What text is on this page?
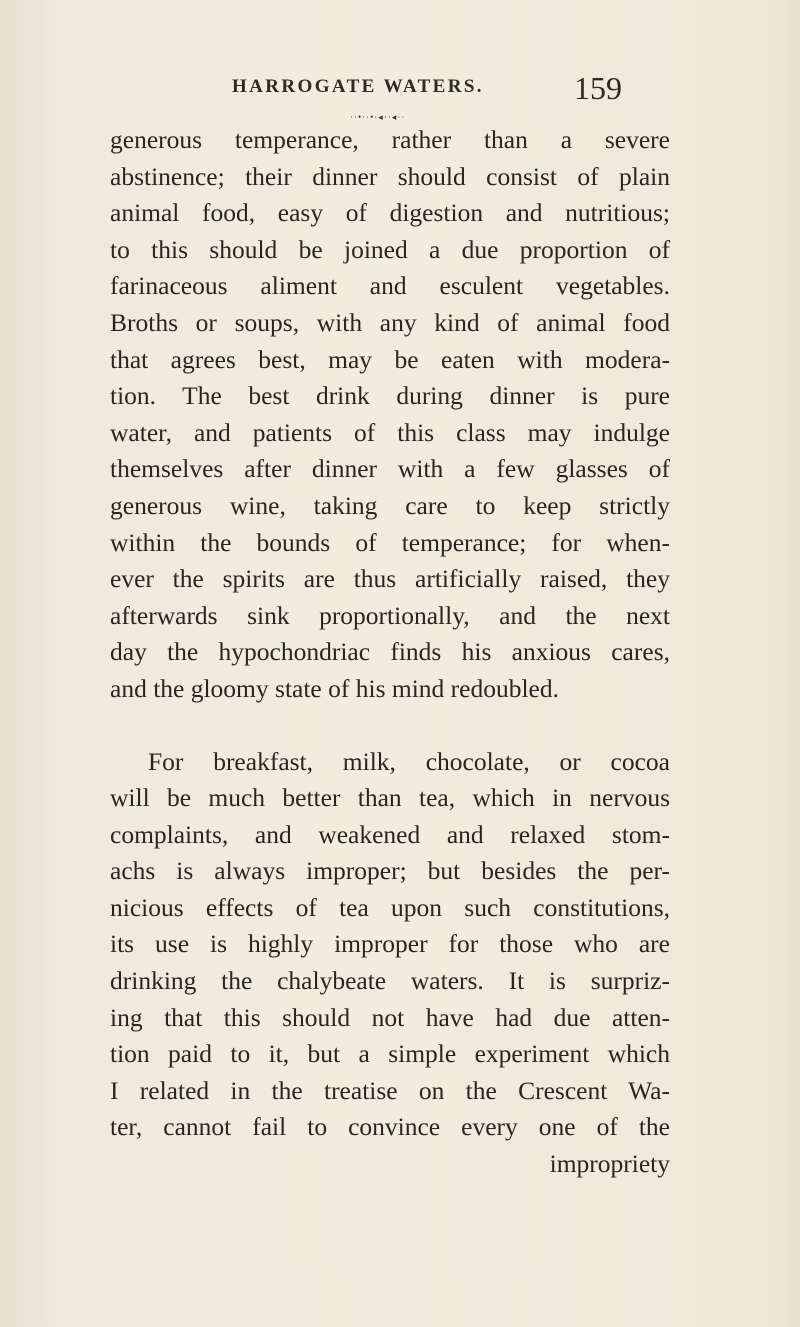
HARROGATE WATERS.	159
··•··•·◂··◂··
generous temperance, rather than a severe
abstinence; their dinner should consist of plain
animal food, easy of digestion and nutritious;
to this should be joined a due proportion of
farinaceous aliment and esculent vegetables.
Broths or soups, with any kind of animal food
that agrees best, may be eaten with modera-
tion. The best drink during dinner is pure
water, and patients of this class may indulge
themselves after dinner with a few glasses of
generous wine, taking care to keep strictly
within the bounds of temperance; for when-
ever the spirits are thus artificially raised, they
afterwards sink proportionally, and the next
day the hypochondriac finds his anxious cares,
and the gloomy state of his mind redoubled.
For breakfast, milk, chocolate, or cocoa
will be much better than tea, which in nervous
complaints, and weakened and relaxed stom-
achs is always improper; but besides the per-
nicious effects of tea upon such constitutions,
its use is highly improper for those who are
drinking the chalybeate waters. It is surpriz-
ing that this should not have had due atten-
tion paid to it, but a simple experiment which
I related in the treatise on the Crescent Wa-
ter, cannot fail to convince every one of the
impropriety
